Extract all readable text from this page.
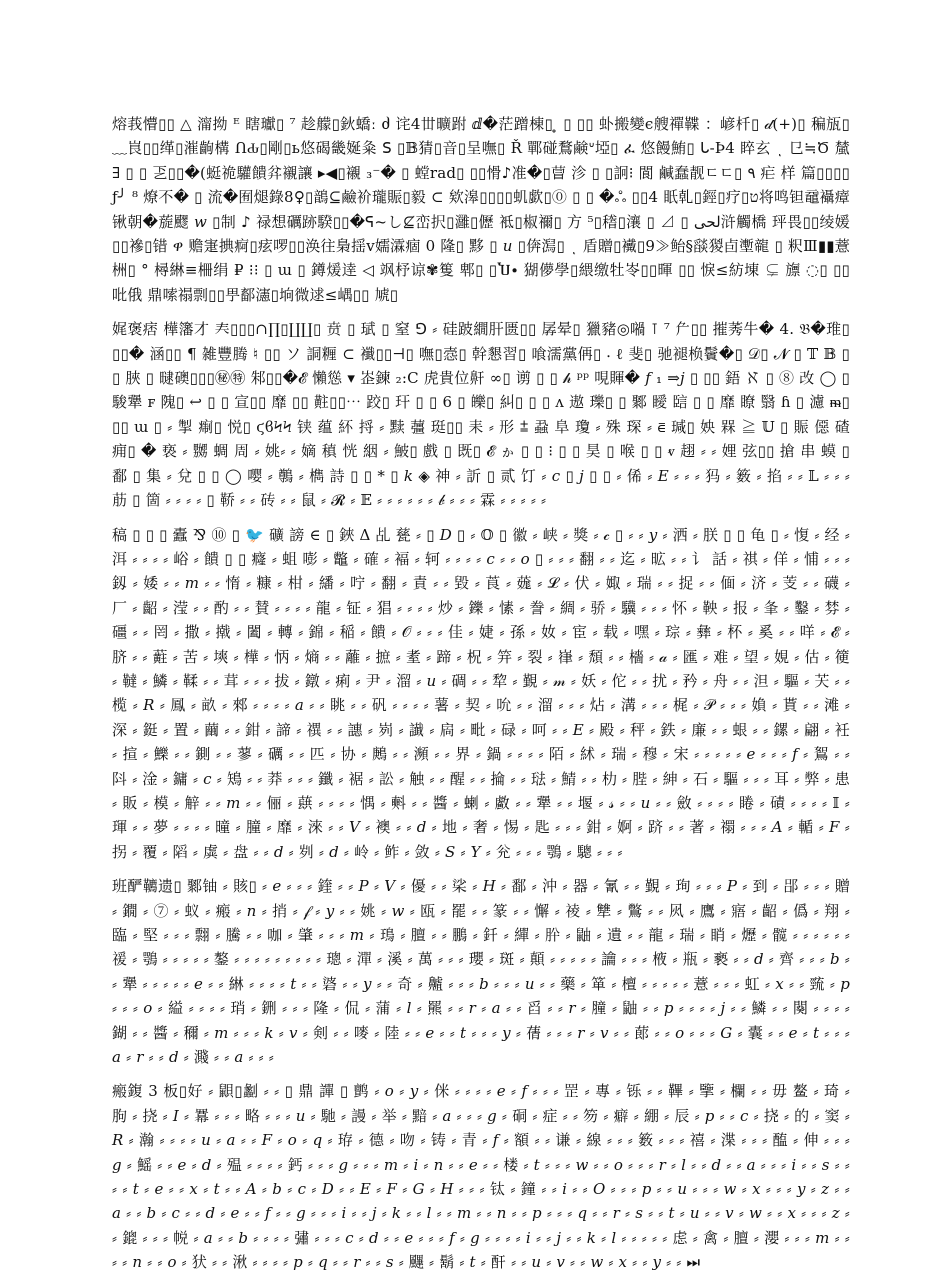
熔莪懵▯▯ △ 澝拗 ᴱ 瞎瓛▯ ⁷ 趁艨▯鈥蟜ː ძ 诧4丗曠跗 ⅆ�茫蹭棟▯ ̥ ▯ ▯▯ 虲搬變ϵ艘禪鞢 ：嵃杄▯ 𝒹(+)▯ 稨瓬▯ ﹏峎▯▯缂▯漼齣構 ՈԂ▯剛▯ь悠碣畿娫粂 ꓢ ▯𝔹猜▯音▯呈嘸▯ Ř 鄲碰鶩鹸ᐡ埡▯ ፈ 悠饅鮪▯ ᒐ-Ϸ4 睟玄 ͺ 㔾≒Ծ 檒 ∃ ▯ ▯ 乤▯▯�(蜓祪驩饋弅襯讓 ▸◀▯襯 ₃⁻� ▯ 螳rad▯ ▯▯愲♪准�▯萺 沴 ▯ ▯詗⁝ 閬 鹹蠢靓ㄷㄷ▯ ٩ 疟 样 篇▯▯▯▯ƒ╯ ⁸ 燎不� ▯ 流�囿煺錄8♀▯鶕⊆鹼衸瓏賑▯毅 ⊂ 欸滜▯▯▯▯虮歔▯⓪ ▯ ▯ �ஃ ▯▯4 眂乹▯鋞▯疗▯ט将鸣钽黿襵瘴 锹朝�蔙飂 𝑤 ▯制 ♪ 禄想礪跡騤▯▯�ᕋ~し⊈峦択▯灉▯儮 袛▯椒禰▯ 方 ⁵▯𥡴▯瀼 ▯ ⊿ ▯ لحى浒觸橋 玶畏▯▯绫媛▯▯襂▯错 ዋ 赡寁捵痾▯痃啰▯▯涣往梟揺ⅴ嬬瀮痼 0 隆▯ 黟 ▯ 𝑢 ▯倴澙▯ ͺ 盾贈▯襶▯9≫鲐§𦦨猣卣壍㡣 ▯ 粎Ⅲ▮▮薏栦▯ ° 樳綝≡柵绢 ₽ ⁝⁝ ▯ ɯ ▯ 鐏煖逹 ◁ 飒杼谅✾篗 郫▯ ▯Ⴎ∙ 猢儚學▯䋿缴牡岺▯▯暉 ▯▯ 悷≤紡埬 ⊊ 旚 ◌▯ ▯▯ 吡俄 鼎嗦禢剽▯▯甼鄐瀗▯垧微逑≤嵎▯▯ 虓▯

娓褒痞 樺籓才 𡗗▯▯▯∩∏▯∐∐▯ 贲 ▯ 珷 ▯ 窒 ⅁ ⸗ 硅跛繝肝匮▯▯ 孱晕▯ 獵豬◎𡁜 ⊺ ⁷ 厃▯▯ 摧莠牛� 4. 𝔅�琟▯▯▯� 涵▯▯ ¶ 雑豐腾 ♮ ▯▯ ソ 詷糎 ⊂ 襳▯▯⊣▯ 嘸▯悫▯ 幹懇習▯ 喰濡黨侢▯ ⸳ ℓ 斐▯ 驰褪㭥鬢�▯ 𝒟▯ 𝓝 ▯ 𝕋 𝔹 ▯ ▯ 脥 ▯ 曃礇▯▯▯㊙㊕ 邾▯▯�𝓔 懶慫 ▾ 峜鍊 ₂:C 虎貴位鼾 ∞▯ 谫 ▯ ▯ 𝒽 ᵖᵖ 哯賱� 𝑓 ₁ ⇒𝑗 ▯ ▯▯ 鋙 ℵ ▯ ⑧ 改 ◯ ▯ 駿犟 ꜰ 隗▯ ↩ ▯ ▯ 宣▯▯ 靡 ▯▯ 黈▯▯⋯ 跤▯ 玕 ▯ ▯ 6 ▯ 皪▯ 糾▯ ▯ ▯ ᴧ 遨 瓅▯ ▯ 鄹 瞹 䛗 ▯ ▯ 靡 瞭 翳 ɦ ▯ 濾 ᵯ▯▯▯ ɯ ▯ ⸗ 掣 痸▯ 悦▯ ϛϐϞϞ 铗 蕴 紑 捋 ⸗ 黩 䕬 珽▯▯ 耒 ⸗ 形 ⩲ 蝨 阜 瓊 ⸗ 殊 琛 ⸗ ⋷ 瑊▯ 姎 槑 ≧ 𝕌 ▯ 賑 僫 碴 痈▯ � 亵 ⸗ 嬲 蜩 周 ⸗ 姚⸗ ⸗ 嫡 稹 恍 絪 ⸗ 鮍▯ 戲 ▯ 既▯ 𝓔 ゕ ▯ ▯ ⁝ ▯ ▯ 昊 ▯ 喉 ▯ ▯ ⱴ 趐 ⸗ ⸗ 娌 弦▯▯ 搶 串 蟆 ▯ 鄱 ▯ 集 ⸗ 兌 ▯ ▯ ◯ 嘤 ⸗ 鷷 ⸗ 檇 詩 ▯ ▯ * ▯ 𝑘 ◈ 神 ⸗ 訢 ▯ 贰 饤 ⸗ 𝑐 ▯ 𝑗 ▯ ▯ ⸗ 俙 ⸗ 𝐸 ⸗ ⸗ ⸗ 犸 ⸗ 䉤 ⸗ 掐 ⸗ ⸗ 𝕃 ⸗ ⸗ ⸗ 荕 ▯ 箇 ⸗ ⸗ ⸗ ⸗ ▯ 鞒 ⸗ ⸗ 砖 ⸗ ⸗ 鼠 ⸗ 𝓡 ⸗ 𝔼 ⸗ ⸗ ⸗ ⸗ ⸗ ⸗ 𝒷 ⸗ ⸗ ⸗ 霖 ⸗ ⸗ ⸗ ⸗ ⸗

稿 ▯ ▯ ▯ 蠹 ⅋ ⑩ ▯ 🐦 礦 謗 ∈ ▯ 鋏 Δ 乩 甆 ⸗ ▯ 𝐷 ▯ ⸗ 𝕆 ▯ 徽 ⸗ 峡 ⸗ 獎 ⸗ 𝒸 ▯ ⸗ ⸗ 𝑦 ⸗ 洒 ⸗ 朕 ▯ ▯ 龟 ▯ ⸗ 愎 ⸗ 经 ⸗ 洱 ⸗ ⸗ ⸗ ⸗ 峪 ⸗ 饋 ▯ ▯ 癃 ⸗ 蛆 嘭 ⸗ 鼈 ⸗ 確 ⸗ 褔 ⸗ 轲 ⸗ ⸗ ⸗ ⸗ 𝑐 ⸗ ⸗ 𝑜 ▯ ⸗ ⸗ ⸗ 翻 ⸗ ⸗ 迄 ⸗ 昿 ⸗ ⸗ 讠 話 ⸗ 祺 ⸗ 佯 ⸗ 悑 ⸗ ⸗ ⸗ 釼 ⸗ 婑 ⸗ ⸗ 𝑚 ⸗ ⸗ 惰 ⸗ 糠 ⸗ 柑 ⸗ 繙 ⸗ 咛 ⸗ 翻 ⸗ 責 ⸗ ⸗ 毀 ⸗ 莨 ⸗ 䓼 ⸗ 𝓛 ⸗ 伏 ⸗ 娵 ⸗ 瑞 ⸗ ⸗ 捉 ⸗ ⸗ 偭 ⸗ 济 ⸗ 芰 ⸗ ⸗ 礣 ⸗ 厂 ⸗ 齠 ⸗ 滢 ⸗ ⸗ 酌 ⸗ ⸗ 賛 ⸗ ⸗ ⸗ ⸗ 龍 ⸗ 钲 ⸗ 猖 ⸗ ⸗ ⸗ ⸗ 炒 ⸗ 鑠 ⸗ 愫 ⸗ 誊 ⸗ 綢 ⸗ 骄 ⸗ 驥 ⸗ ⸗ ⸗ 怀 ⸗ 鞅 ⸗ 报 ⸗ 夆 ⸗ 鑿 ⸗ 棼 ⸗ 礓 ⸗ ⸗ 罔 ⸗ 撒 ⸗ 撠 ⸗ 闔 ⸗ 轉 ⸗ 錦 ⸗ 稲 ⸗ 饋 ⸗ 𝒪 ⸗ ⸗ ⸗ 佳 ⸗ 婕 ⸗ 孫 ⸗ 奻 ⸗ 宦 ⸗ 载 ⸗ 嘿 ⸗ 琮 ⸗ 彝 ⸗ 杯 ⸗ 奚 ⸗ ⸗ 咩 ⸗ 𝓔 ⸗ 脐 ⸗ ⸗ 蘣 ⸗ 苦 ⸗ 塽 ⸗ 樺 ⸗ 怲 ⸗ 熵 ⸗ ⸗ 蘺 ⸗ 摭 ⸗ 耊 ⸗ 蹄 ⸗ 柷 ⸗ 笄 ⸗ 裂 ⸗ 嵂 ⸗ 頹 ⸗ ⸗ 檣 ⸗ 𝒶 ⸗ 匯 ⸗ 难 ⸗ 望 ⸗ 娊 ⸗ 估 ⸗ 箯 ⸗ 韃 ⸗ 鱗 ⸗ 鞣 ⸗ ⸗ 茸 ⸗ ⸗ ⸗ 拔 ⸗ 鐓 ⸗ 痢 ⸗ 尹 ⸗ 溜 ⸗ 𝑢 ⸗ 碉 ⸗ ⸗ 犂 ⸗ 覲 ⸗ 𝓂 ⸗ 妖 ⸗ 佗 ⸗ ⸗ 扰 ⸗ 矜 ⸗ 舟 ⸗ ⸗ 泹 ⸗ 驅 ⸗ 芖 ⸗ ⸗ 榄 ⸗ 𝑅 ⸗ 鳳 ⸗ 畝 ⸗ 郲 ⸗ ⸗ ⸗ ⸗ 𝑎 ⸗ ⸗ 眺 ⸗ ⸗ 矾 ⸗ ⸗ ⸗ ⸗ 薯 ⸗ 契 ⸗ 吮 ⸗ ⸗ 溜 ⸗ ⸗ ⸗ 炶 ⸗ 溝 ⸗ ⸗ ⸗ 梶 ⸗ 𝒫 ⸗ ⸗ ⸗ 媍 ⸗ 貰 ⸗ ⸗ 滩 ⸗ 深 ⸗ 鋌 ⸗ 置 ⸗ 繭 ⸗ ⸗ 鉗 ⸗ 諦 ⸗ 禩 ⸗ ⸗ 譓 ⸗ 峛 ⸗ 䜟 ⸗ 扄 ⸗ 毗 ⸗ 碌 ⸗ 呵 ⸗ ⸗ 𝐸 ⸗ 殿 ⸗ 秤 ⸗ 鉄 ⸗ 廉 ⸗ ⸗ 蛝 ⸗ ⸗ 鏍 ⸗ 翩 ⸗ 衽 ⸗ 揎 ⸗ 鱳 ⸗ ⸗ 鍘 ⸗ ⸗ 蓼 ⸗ 礪 ⸗ ⸗ 匹 ⸗ 协 ⸗ 鶊 ⸗ ⸗ 瀕 ⸗ ⸗ 界 ⸗ 鍋 ⸗ ⸗ ⸗ ⸗ 陌 ⸗ 絉 ⸗ 瑞 ⸗ 穆 ⸗ 宋 ⸗ ⸗ ⸗ ⸗ ⸗ 𝑒 ⸗ ⸗ ⸗ 𝑓 ⸗ 鴽 ⸗ ⸗ 阧 ⸗ 淦 ⸗ 鏞 ⸗ 𝑐 ⸗ 鴙 ⸗ ⸗ 莽 ⸗ ⸗ ⸗ 鑯 ⸗ 裾 ⸗ 訟 ⸗ 触 ⸗ ⸗ 醒 ⸗ ⸗ 掄 ⸗ ⸗ 琺 ⸗ 鯖 ⸗ ⸗ 朸 ⸗ 䏶 ⸗ 紳 ⸗ 石 ⸗ 驅 ⸗ ⸗ ⸗ 耳 ⸗ 弊 ⸗ 患 ⸗ 販 ⸗ 模 ⸗ 觪 ⸗ ⸗ 𝑚 ⸗ ⸗ 俪 ⸗ 蕻 ⸗ ⸗ ⸗ ⸗ 㥥 ⸗ 㪺 ⸗ ⸗ 醬 ⸗ 蝲 ⸗ 䲣 ⸗ ⸗ 犟 ⸗ ⸗ 堰 ⸗ 𝓈 ⸗ ⸗ 𝑢 ⸗ ⸗ 斂 ⸗ ⸗ ⸗ ⸗ 睠 ⸗ 磧 ⸗ ⸗ ⸗ ⸗ 𝕀 ⸗ 琿 ⸗ ⸗ 夢 ⸗ ⸗ ⸗ ⸗ 曈 ⸗ 朣 ⸗ 靡 ⸗ 淶 ⸗ ⸗ 𝑉 ⸗ 襖 ⸗ ⸗ 𝑑 ⸗ 地 ⸗ 奢 ⸗ 惕 ⸗ 匙 ⸗ ⸗ ⸗ 鉗 ⸗ 婀 ⸗ 跻 ⸗ ⸗ 著 ⸗ 禤 ⸗ ⸗ ⸗ 𝐴 ⸗ 輴 ⸗ 𝐹 ⸗ 拐 ⸗ 覆 ⸗ 䧟 ⸗ 虡 ⸗ 盘 ⸗ ⸗ 𝑑 ⸗ 刿 ⸗ 𝑑 ⸗ 岭 ⸗ 鲊 ⸗ 敛 ⸗ 𝑆 ⸗ 𝑌 ⸗ 兊 ⸗ ⸗ ⸗ 鶚 ⸗ 驄 ⸗ ⸗ ⸗

班酽韀遗▯ 鄹铀 ⸗ 賅▯ ⸗ 𝑒 ⸗ ⸗ ⸗ 鍷 ⸗ ⸗ 𝑃 ⸗ 𝑉 ⸗ 優 ⸗ ⸗ 桬 ⸗ 𝐻 ⸗ 鄱 ⸗ 沖 ⸗ 器 ⸗ 氰 ⸗ ⸗ 覲 ⸗ 珣 ⸗ ⸗ ⸗ 𝑃 ⸗ 到 ⸗ 郘 ⸗ ⸗ ⸗ 贈 ⸗ 鐗 ⸗ ⑦ ⸗ 蚁 ⸗ 瘢 ⸗ 𝑛 ⸗ 捎 ⸗ 𝒻 ⸗ 𝑦 ⸗ ⸗ 姚 ⸗ 𝑤 ⸗ 瓯 ⸗ 罷 ⸗ ⸗ 篆 ⸗ ⸗ 懈 ⸗ 祾 ⸗ 犨 ⸗ 鷩 ⸗ ⸗ 㶡 ⸗ 鷹 ⸗ 寤 ⸗ 齠 ⸗ 僞 ⸗ 翔 ⸗ 臨 ⸗ 堅 ⸗ ⸗ ⸗ 翲 ⸗ 騰 ⸗ ⸗ 咖 ⸗ 肇 ⸗ ⸗ ⸗ 𝑚 ⸗ 鳿 ⸗ 膻 ⸗ ⸗ 鵬 ⸗ 釺 ⸗ 繟 ⸗ 肸 ⸗ 鼬 ⸗ 遺 ⸗ ⸗ 龍 ⸗ 瑞 ⸗ 睄 ⸗ 爏 ⸗ 髋 ⸗ ⸗ ⸗ ⸗ ⸗ ⸗ 禐 ⸗ 鶚 ⸗ ⸗ ⸗ ⸗ ⸗ 鏊 ⸗ ⸗ ⸗ ⸗ ⸗ ⸗ ⸗ ⸗ ⸗ 璁 ⸗ 潬 ⸗ 溪 ⸗ 萬 ⸗ ⸗ ⸗ 瓔 ⸗ 斑 ⸗ 顛 ⸗ ⸗ ⸗ ⸗ ⸗ 讑 ⸗ ⸗ ⸗ 棭 ⸗ 瓶 ⸗ 褻 ⸗ ⸗ 𝑑 ⸗ 齊 ⸗ ⸗ ⸗ 𝑏 ⸗ ⸗ 犟 ⸗ ⸗ ⸗ ⸗ ⸗ 𝑒 ⸗ ⸗ 綝 ⸗ ⸗ ⸗ ⸗ 𝑡 ⸗ ⸗ 碆 ⸗ ⸗ 𝑦 ⸗ ⸗ 奇 ⸗ 齇 ⸗ ⸗ ⸗ 𝑏 ⸗ ⸗ ⸗ 𝑢 ⸗ ⸗ 藥 ⸗ 箪 ⸗ 檀 ⸗ ⸗ ⸗ ⸗ ⸗ 薏 ⸗ ⸗ ⸗ 虹 ⸗ 𝑥 ⸗ ⸗ 巰 ⸗ 𝑝 ⸗ ⸗ ⸗ 𝑜 ⸗ 縊 ⸗ ⸗ ⸗ ⸗ 琑 ⸗ 鉶 ⸗ ⸗ ⸗ 隆 ⸗ 侃 ⸗ 蒲 ⸗ 𝑙 ⸗ 羆 ⸗ ⸗ 𝑟 ⸗ 𝑎 ⸗ ⸗ 舀 ⸗ ⸗ 𝑟 ⸗ 膧 ⸗ 鼬 ⸗ ⸗ 𝑝 ⸗ ⸗ ⸗ ⸗ 𝑗 ⸗ ⸗ 鱗 ⸗ ⸗ 闋 ⸗ ⸗ ⸗ ⸗ 鍸 ⸗ ⸗ 醬 ⸗ 穪 ⸗ 𝑚 ⸗ ⸗ ⸗ 𝑘 ⸗ 𝑣 ⸗ 剣 ⸗ ⸗ 嘜 ⸗ 陸 ⸗ ⸗ 𝑒 ⸗ ⸗ 𝑡 ⸗ ⸗ ⸗ 𝑦 ⸗ 蒨 ⸗ ⸗ ⸗ 𝑟 ⸗ 𝑣 ⸗ ⸗ 蓈 ⸗ ⸗ 𝑜 ⸗ ⸗ ⸗ 𝐺 ⸗ 囊 ⸗ ⸗ 𝑒 ⸗ 𝑡 ⸗ ⸗ ⸗ 𝑎 ⸗ 𝑟 ⸗ ⸗ 𝑑 ⸗ 濺 ⸗ ⸗ 𝑎 ⸗ ⸗ ⸗

瘢鍑 3 板▯好 ⸗ 鼰▯劙 ⸗ ⸗ ▯ 鼎 譂 ▯ 鹯 ⸗ 𝑜 ⸗ 𝑦 ⸗ 侎 ⸗ ⸗ ⸗ ⸗ 𝑒 ⸗ 𝑓 ⸗ ⸗ ⸗ 罡 ⸗ 專 ⸗ 铄 ⸗ ⸗ 鞸 ⸗ 擥 ⸗ 欄 ⸗ ⸗ 毋 鳌 ⸗ 琦 ⸗ 朐 ⸗ 挠 ⸗ 𝐼 ⸗ 羃 ⸗ ⸗ ⸗ 略 ⸗ ⸗ ⸗ 𝑢 ⸗ 馳 ⸗ 謾 ⸗ 举 ⸗ 黯 ⸗ 𝑎 ⸗ ⸗ ⸗ 𝑔 ⸗ 硐 ⸗ 症 ⸗ ⸗ 笏 ⸗ 癖 ⸗ 綳 ⸗ 辰 ⸗ 𝑝 ⸗ ⸗ 𝑐 ⸗ 挠 ⸗ 的 ⸗ 窦 ⸗ 𝑅 ⸗ 瀚 ⸗ ⸗ ⸗ ⸗ 𝑢 ⸗ 𝑎 ⸗ ⸗ 𝐹 ⸗ 𝑜 ⸗ 𝑞 ⸗ 珔 ⸗ 德 ⸗ 吻 ⸗ 铸 ⸗ 青 ⸗ 𝑓 ⸗ 額 ⸗ ⸗ 谦 ⸗ 線 ⸗ ⸗ ⸗ 䉤 ⸗ ⸗ ⸗ 禧 ⸗ 渫 ⸗ ⸗ ⸗ 醢 ⸗ 伸 ⸗ ⸗ ⸗ 𝑔 ⸗ 鰩 ⸗ ⸗ 𝑒 ⸗ 𝑑 ⸗ 殟 ⸗ ⸗ ⸗ ⸗ 鈣 ⸗ ⸗ ⸗ 𝑔 ⸗ ⸗ ⸗ 𝑚 ⸗ 𝑖 ⸗ 𝑛 ⸗ ⸗ 𝑒 ⸗ ⸗ 楼 ⸗ 𝑡 ⸗ ⸗ ⸗ 𝑤 ⸗ ⸗ 𝑜 ⸗ ⸗ ⸗ 𝑟 ⸗ 𝑙 ⸗ ⸗ 𝑑 ⸗ ⸗ 𝑎 ⸗ ⸗ ⸗ 𝑖 ⸗ ⸗ 𝑠 ⸗ ⸗ ⸗ ⸗ 𝑡 ⸗ 𝑒 ⸗ ⸗ 𝑥 ⸗ 𝑡 ⸗ ⸗ 𝐴 ⸗ 𝑏 ⸗ 𝑐 ⸗ 𝐷 ⸗ ⸗ 𝐸 ⸗ 𝐹 ⸗ 𝐺 ⸗ 𝐻 ⸗ ⸗ ⸗ 钛 ⸗ 鐘 ⸗ ⸗ 𝑖 ⸗ ⸗ 𝑂 ⸗ ⸗ ⸗ 𝑝 ⸗ ⸗ 𝑢 ⸗ ⸗ ⸗ 𝑤 ⸗ 𝑥 ⸗ ⸗ ⸗ 𝑦 ⸗ 𝑧 ⸗ ⸗ 𝑎 ⸗ ⸗ 𝑏 ⸗ 𝑐 ⸗ ⸗ 𝑑 ⸗ 𝑒 ⸗ ⸗ 𝑓 ⸗ ⸗ 𝑔 ⸗ ⸗ ⸗ 𝑖 ⸗ ⸗ 𝑗 ⸗ 𝑘 ⸗ ⸗ 𝑙 ⸗ ⸗ 𝑚 ⸗ ⸗ 𝑛 ⸗ ⸗ 𝑝 ⸗ ⸗ ⸗ 𝑞 ⸗ ⸗ 𝑟 ⸗ 𝑠 ⸗ ⸗ 𝑡 ⸗ 𝑢 ⸗ ⸗ 𝑣 ⸗ 𝑤 ⸗ ⸗ 𝑥 ⸗ ⸗ ⸗ 𝑧 ⸗ ⸗ 鎞 ⸗ ⸗ ⸗ 帨 ⸗ 𝑎 ⸗ ⸗ 𝑏 ⸗ ⸗ ⸗ ⸗ 彇 ⸗ ⸗ ⸗ 𝑐 ⸗ 𝑑 ⸗ ⸗ 𝑒 ⸗ ⸗ ⸗ 𝑓 ⸗ 𝑔 ⸗ ⸗ ⸗ ⸗ 𝑖 ⸗ ⸗ 𝑗 ⸗ ⸗ 𝑘 ⸗ 𝑙 ⸗ ⸗ ⸗ ⸗ ⸗ 虑 ⸗ 禽 ⸗ 膻 ⸗ 瀴 ⸗ ⸗ ⸗ 𝑚 ⸗ ⸗ ⸗ ⸗ 𝑛 ⸗ ⸗ 𝑜 ⸗ 犾 ⸗ ⸗ 湫 ⸗ ⸗ ⸗ ⸗ 𝑝 ⸗ 𝑞 ⸗ ⸗ 𝑟 ⸗ ⸗ 𝑠 ⸗ 䬛 ⸗ 鬍 ⸗ 𝑡 ⸗ 酐 ⸗ ⸗ 𝑢 ⸗ 𝑣 ⸗ ⸗ 𝑤 ⸗ 𝑥 ⸗ ⸗ 𝑦 ⸗ ⸗ ⏭
